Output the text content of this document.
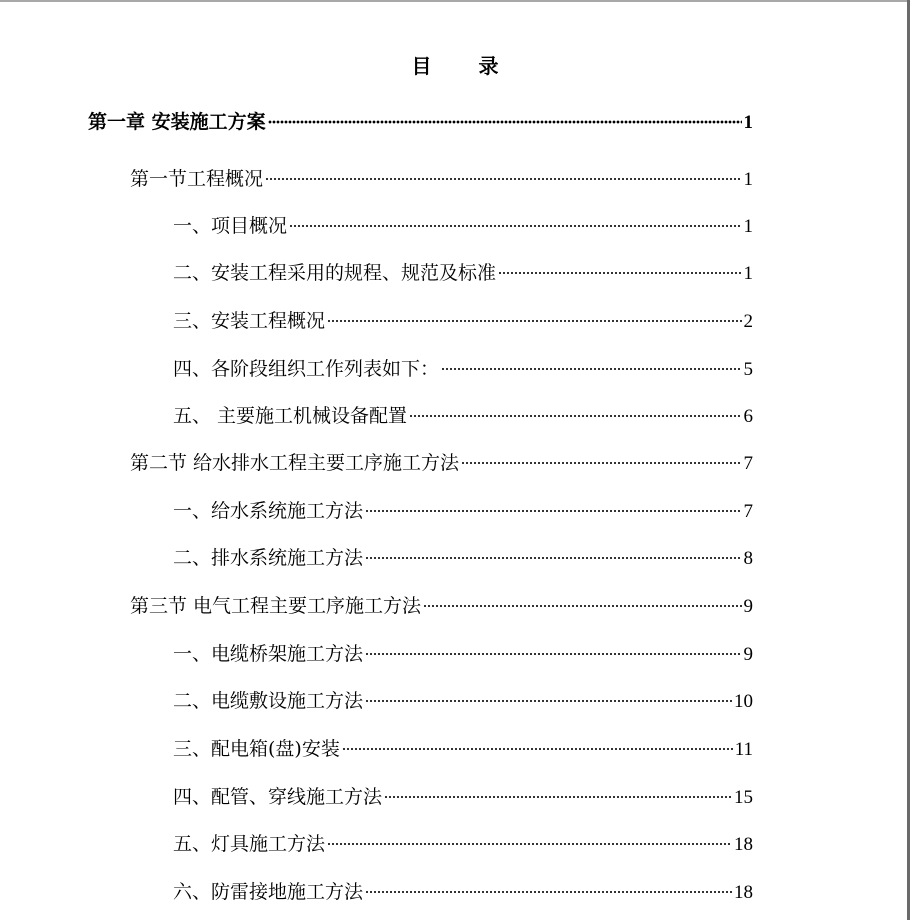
目 录
第一章 安装施工方案	1
第一节工程概况	1
一、项目概况	1
二、安装工程采用的规程、规范及标准	1
三、安装工程概况	2
四、各阶段组织工作列表如下：	5
五、 主要施工机械设备配置	6
第二节 给水排水工程主要工序施工方法	7
一、给水系统施工方法	7
二、排水系统施工方法	8
第三节 电气工程主要工序施工方法	9
一、电缆桥架施工方法	9
二、电缆敷设施工方法	10
三、配电箱(盘)安装	11
四、配管、穿线施工方法	15
五、灯具施工方法	18
六、防雷接地施工方法	18
